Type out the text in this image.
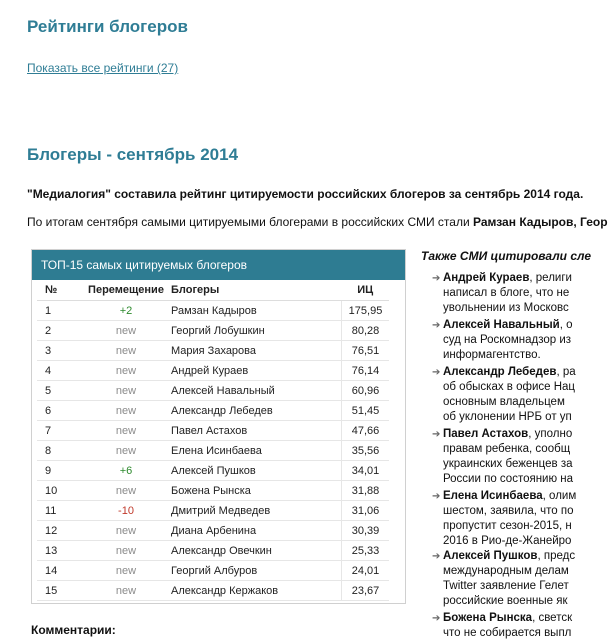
Рейтинги блогеров
Показать все рейтинги (27)
Блогеры - сентябрь 2014
"Медиалогия" составила рейтинг цитируемости российских блогеров за сентябрь 2014 года.
По итогам сентября самыми цитируемыми блогерами в российских СМИ стали Рамзан Кадыров, Геор
ТОП-15 самых цитируемых блогеров
№	Перемещение	Блогеры	ИЦ
1	+2	Рамзан Кадыров	175,95
2	new	Георгий Лобушкин	80,28
3	new	Мария Захарова	76,51
4	new	Андрей Кураев	76,14
5	new	Алексей Навальный	60,96
6	new	Александр Лебедев	51,45
7	new	Павел Астахов	47,66
8	new	Елена Исинбаева	35,56
9	+6	Алексей Пушков	34,01
10	new	Божена Рынска	31,88
11	-10	Дмитрий Медведев	31,06
12	new	Диана Арбенина	30,39
13	new	Александр Овечкин	25,33
14	new	Георгий Албуров	24,01
15	new	Александр Кержаков	23,67
Также СМИ цитировали сле
➔ Андрей Кураев, религи
написал в блоге, что не
увольнении из Московс
➔ Алексей Навальный, о
суд на Роскомнадзор из
информагентство.
➔ Александр Лебедев, ра
об обысках в офисе Нац
основным владельцем
об уклонении НРБ от уп
➔ Павел Астахов, уполно
правам ребенка, сообщ
украинских беженцев за
России по состоянию на
➔ Елена Исинбаева, олим
шестом, заявила, что по
пропустит сезон-2015, н
2016 в Рио-де-Жанейро
➔ Алексей Пушков, предс
международным делам
Twitter заявление Гелет
российские военные як
➔ Божена Рынска, светск
что не собирается выпл
Комментарии:
